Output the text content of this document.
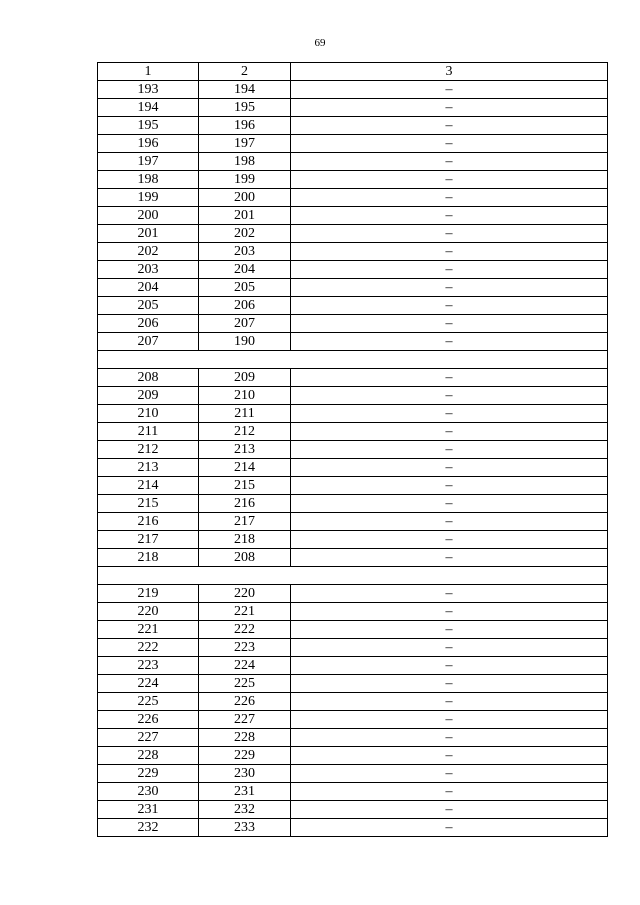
69
1	2	3
193	194	–
194	195	–
195	196	–
196	197	–
197	198	–
198	199	–
199	200	–
200	201	–
201	202	–
202	203	–
203	204	–
204	205	–
205	206	–
206	207	–
207	190	–

208	209	–
209	210	–
210	211	–
211	212	–
212	213	–
213	214	–
214	215	–
215	216	–
216	217	–
217	218	–
218	208	–

219	220	–
220	221	–
221	222	–
222	223	–
223	224	–
224	225	–
225	226	–
226	227	–
227	228	–
228	229	–
229	230	–
230	231	–
231	232	–
232	233	–
